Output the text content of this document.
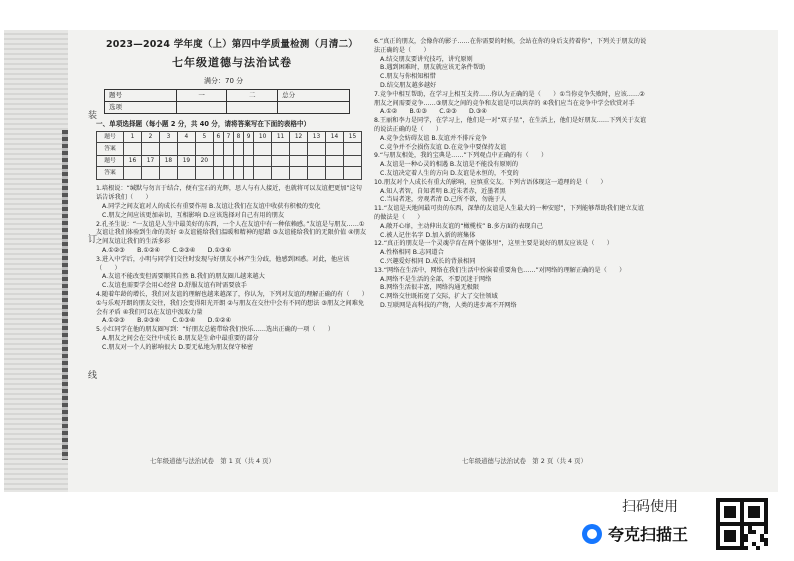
装
订
线
2023—2024 学年度（上）第四中学质量检测（月清二）
七年级道德与法治试卷
满分：70 分
题号	一	二	总分
选项			
一、单项选择题（每小题 2 分，共 40 分，请将答案写在下面的表格中）
题号	1	2	3	4	5	6	7	8	9	10	11	12	13	14	15
答案															
题号	16	17	18	19	20										
答案															
1.培根说：“缄默与勿言于结合，便有宝石的光辉，思人与有人接近，也就将可以友谊把更加”这句话告诉我们（　　）
A.同学之间友谊对人的成长有重要作用 B.友谊让我们在友谊中收获有积极的变化
C.朋友之间应该更加亲切，互相影响 D.应该选择对自己有用的朋友
2.孔圣生说：“一友谊是人生中最美好的东西，一个人在友谊中有一种依赖感。”友谊是与朋友……①友谊让我们体验到生命的美好 ②友谊能给我们温暖和精神的慰藉 ③友谊能给我们的无限价值 ④朋友之间友谊让我们的生活多彩
A.①②③　　B.①②④　　C.②③④　　D.①③④
3.进入中学后，小明与同学们交往时发现与好朋友小林产生分歧，他感到困惑。对此，他应该（　　）
A.友谊不能改变但需要顺其自然 B.我们的朋友圈儿越来越大
C.友谊也需要学会用心经营 D.舒服友谊有时需要放手
4.随着年龄的增长，我们对友谊的理解也越来越深了，你认为，下列对友谊的理解正确的有（　　）①与乐观开朗的朋友交往，我们会变得阳光开朗 ②与朋友在交往中会有不同的想法 ③朋友之间难免会有矛盾 ④我们可以在友谊中汲取力量
A.①②③　　B.②③④　　C.①③④　　D.①②④
5.小红同学在他的朋友圈写到：“好朋友总能带给我们快乐……选出正确的一项（　　）
A.朋友之间会在交往中成长 B.朋友是生命中最重要的部分
C.朋友对一个人的影响很大 D.要无私地为朋友保守秘密
6.“真正的朋友，会像你的影子……在你需要的时候，会站在你的身后支持着你”，下列关于朋友的说法正确的是（　　）
A.结交朋友要讲究技巧，讲究原则
B.遇到困难时，朋友就应该无条件帮助
C.朋友与你相知相惜
D.结交朋友越多越好
7.竞争中相互帮助，在学习上相互支持……你认为正确的是（　　）①当你竞争失败时，应该……②朋友之间需要竞争……③朋友之间的竞争和友谊是可以共存的 ④我们应当在竞争中学会欣赏对手
A.①②　　B.①③　　C.②③　　D.③④
8.王丽和李力是同学，在学习上，他们是一对“双子星”，在生活上，他们是好朋友……下列关于友谊的说法正确的是（　　）
A.竞争会妨碍友谊 B.友谊并不排斥竞争
C.竞争并不会损伤友谊 D.在竞争中要保持友谊
9.“与朋友相处，我的宝典是……”下列观点中正确的有（　　）
A.友谊是一种心灵的相遇 B.友谊是不能没有原则的
C.友谊决定着人生的方向 D.友谊是永恒的，不变的
10.朋友对个人成长有重大的影响，应慎重交友。下列古语体现这一道理的是（　　）
A.知人者智，自知者明 B.近朱者赤，近墨者黑
C.当局者迷，旁观者清 D.己所不欲，勿施于人
11.“友谊是天地间最可贵的东西，深挚的友谊是人生最大的一种安慰”，下列能够帮助我们建立友谊的做法是（　　）
A.敞开心扉，主动伸出友谊的“橄榄枝” B.多方面的表现自己
C.被人记住名字 D.加入新的班集体
12.“真正的朋友是一个灵魂孕育在两个躯体里”，这里主要是说好的朋友应该是（　　）
A.性格相同 B.志同道合
C.兴趣爱好相同 D.成长的背景相同
13.“网络在生活中，网络在我们生活中扮演着重要角色……”对网络的理解正确的是（　　）
A.网络不是生活的全部，不要沉迷于网络
B.网络生活很丰富，网络沟通无极限
C.网络交往既拓宽了交际，扩大了交往领域
D.互联网是高科技的产物，人类的进步离不开网络
七年级道德与法治试卷　第 1 页（共 4 页）	七年级道德与法治试卷　第 2 页（共 4 页）
扫码使用
夸克扫描王
